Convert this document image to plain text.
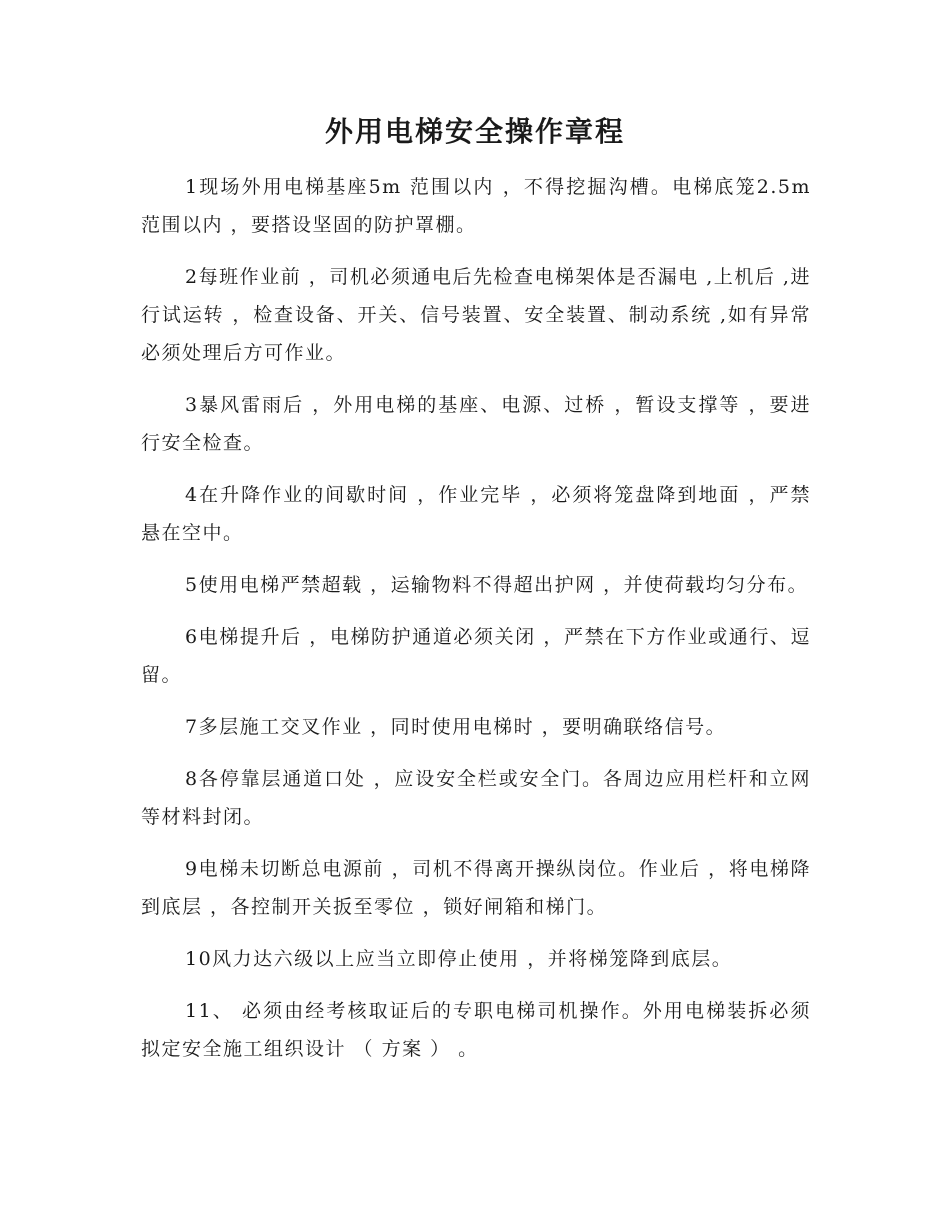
外用电梯安全操作章程

1现场外用电梯基座5m 范围以内 ，不得挖掘沟槽。电梯底笼2.5m 范围以内 ，要搭设坚固的防护罩棚。

2每班作业前 ，司机必须通电后先检查电梯架体是否漏电 ,上机后 ,进行试运转 ，检查设备、开关、信号装置、安全装置、制动系统 ,如有异常必须处理后方可作业。

3暴风雷雨后 ，外用电梯的基座、电源、过桥 ，暂设支撑等 ，要进行安全检查。

4在升降作业的间歇时间 ，作业完毕 ，必须将笼盘降到地面 ，严禁悬在空中。

5使用电梯严禁超载 ，运输物料不得超出护网 ，并使荷载均匀分布。

6电梯提升后 ，电梯防护通道必须关闭 ，严禁在下方作业或通行、逗留。

7多层施工交叉作业 ，同时使用电梯时 ，要明确联络信号。

8各停靠层通道口处 ，应设安全栏或安全门。各周边应用栏杆和立网等材料封闭。

9电梯未切断总电源前 ，司机不得离开操纵岗位。作业后 ，将电梯降到底层 ，各控制开关扳至零位 ，锁好闸箱和梯门。

10风力达六级以上应当立即停止使用 ，并将梯笼降到底层。

11、 必须由经考核取证后的专职电梯司机操作。外用电梯装拆必须拟定安全施工组织设计 （ 方案 ） 。
